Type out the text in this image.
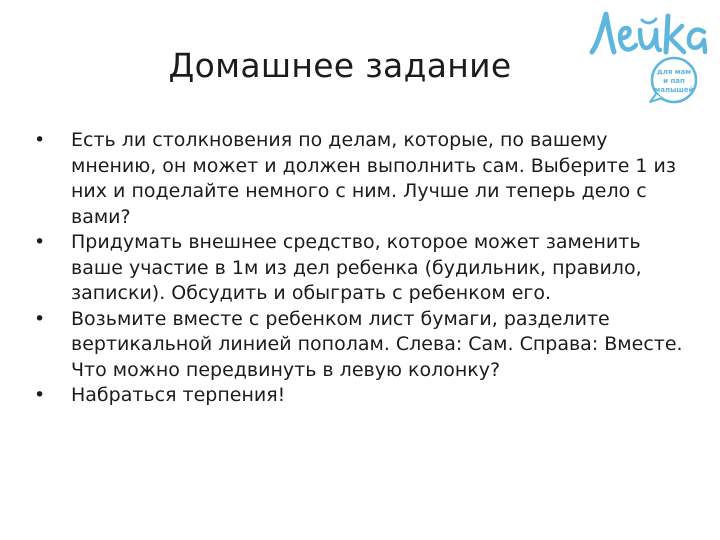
Домашнее задание	для мам
и пап
малышей
•	Есть ли столкновения по делам, которые, по вашему мнению, он может и должен выполнить сам. Выберите 1 из них и поделайте немного с ним. Лучше ли теперь дело с вами?
•	Придумать внешнее средство, которое может заменить ваше участие в 1м из дел ребенка (будильник, правило, записки). Обсудить и обыграть с ребенком его.
•	Возьмите вместе с ребенком лист бумаги, разделите вертикальной линией пополам. Слева: Сам. Справа: Вместе. Что можно передвинуть в левую колонку?
•	Набраться терпения!
